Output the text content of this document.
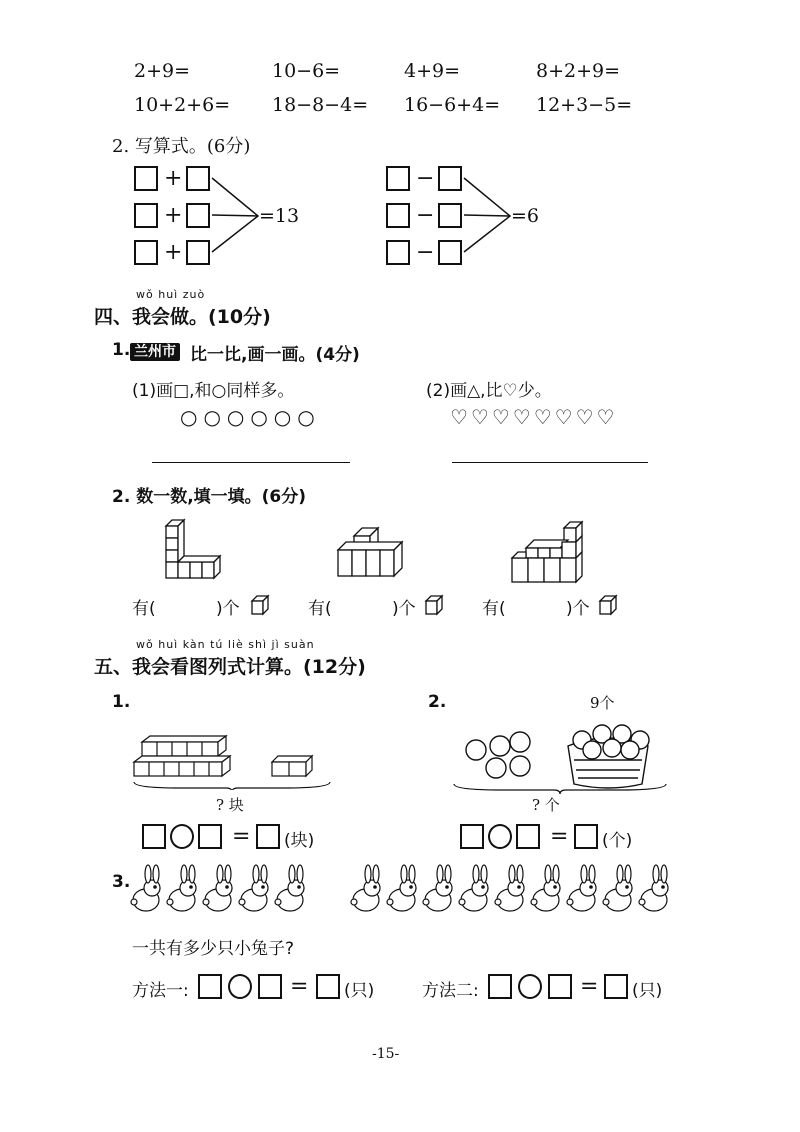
2+9=	10−6=	4+9=	8+2+9=
10+2+6= 18−8−4= 16−6+4= 12+3−5=
2. 写算式。(6分)
+
+
+
=13
−
−
−
=6
wǒ huì zuò
四、我会做。(10分)
1. 兰州市 比一比,画一画。(4分)
(1)画□,和○同样多。	(2)画△,比♡少。
○○○○○○	♡♡♡♡♡♡♡♡
2. 数一数,填一填。(6分)
有(	)个	有(	)个	有(	)个
wǒ huì kàn tú liè shì jì suàn
五、我会看图列式计算。(12分)
1.	2.	9个
? 块	? 个
= (块)	= (个)
3.
一共有多少只小兔子?
方法一:	= (只)	方法二:	= (只)
-15-
